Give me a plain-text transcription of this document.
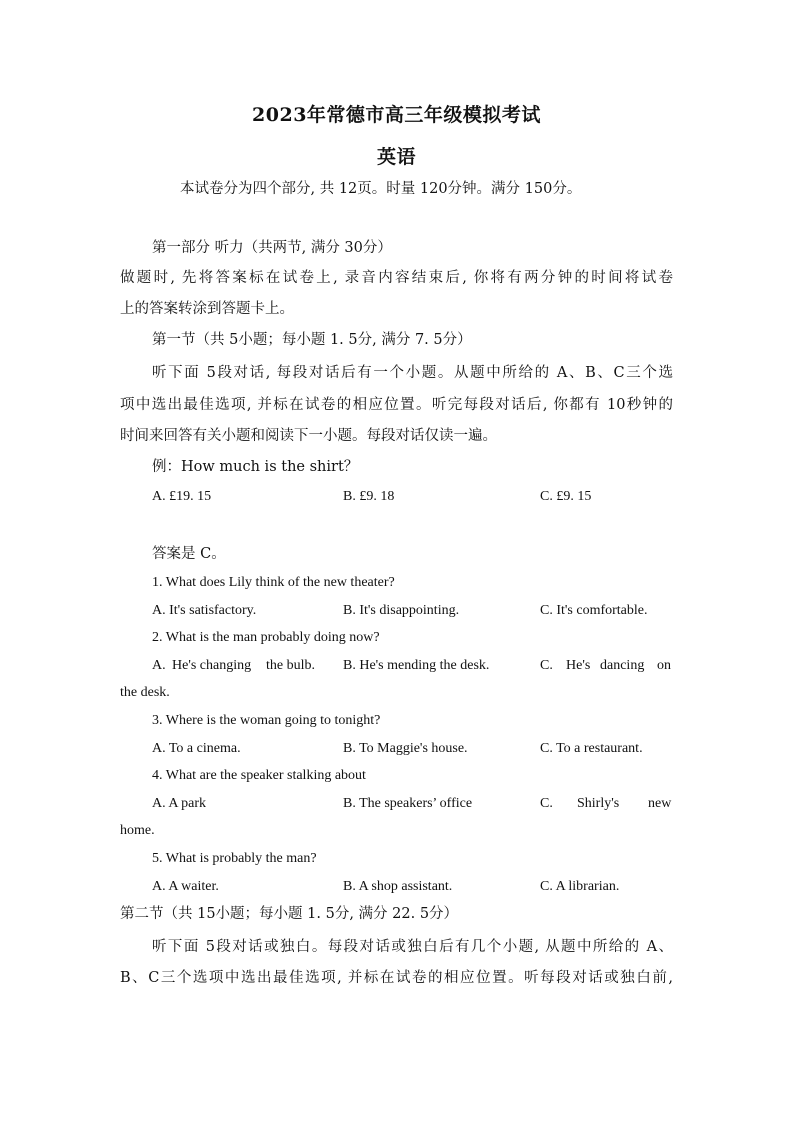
2023年常德市高三年级模拟考试
英语
本试卷分为四个部分, 共 12页。时量 120分钟。满分 150分。
第一部分 听力（共两节, 满分 30分）
做题时, 先将答案标在试卷上, 录音内容结束后, 你将有两分钟的时间将试卷
上的答案转涂到答题卡上。
第一节（共 5小题；每小题 1. 5分, 满分 7. 5分）
听下面 5段对话, 每段对话后有一个小题。从题中所给的 A、B、C三个选
项中选出最佳选项, 并标在试卷的相应位置。听完每段对话后, 你都有 10秒钟的
时间来回答有关小题和阅读下一小题。每段对话仅读一遍。
例：How much is the shirt？
A. £19. 15	B. £9. 18	C. £9. 15
答案是 C。
1. What does Lily think of the new theater?
A. It's satisfactory.	B. It's disappointing.	C. It's comfortable.
2. What is the man probably doing now?
A. He's changing the bulb. B. He's mending the desk.	C. He's dancing on
the desk.
3. Where is the woman going to tonight?
A. To a cinema.	B. To Maggie's house.	C. To a restaurant.
4. What are the speaker stalking about
A. A park	B. The speakers’ office	C. Shirly's new
home.
5. What is probably the man?
A. A waiter.	B. A shop assistant.	C. A librarian.
第二节（共 15小题；每小题 1. 5分, 满分 22. 5分）
听下面 5段对话或独白。每段对话或独白后有几个小题, 从题中所给的 A、
B、C三个选项中选出最佳选项, 并标在试卷的相应位置。听每段对话或独白前,
